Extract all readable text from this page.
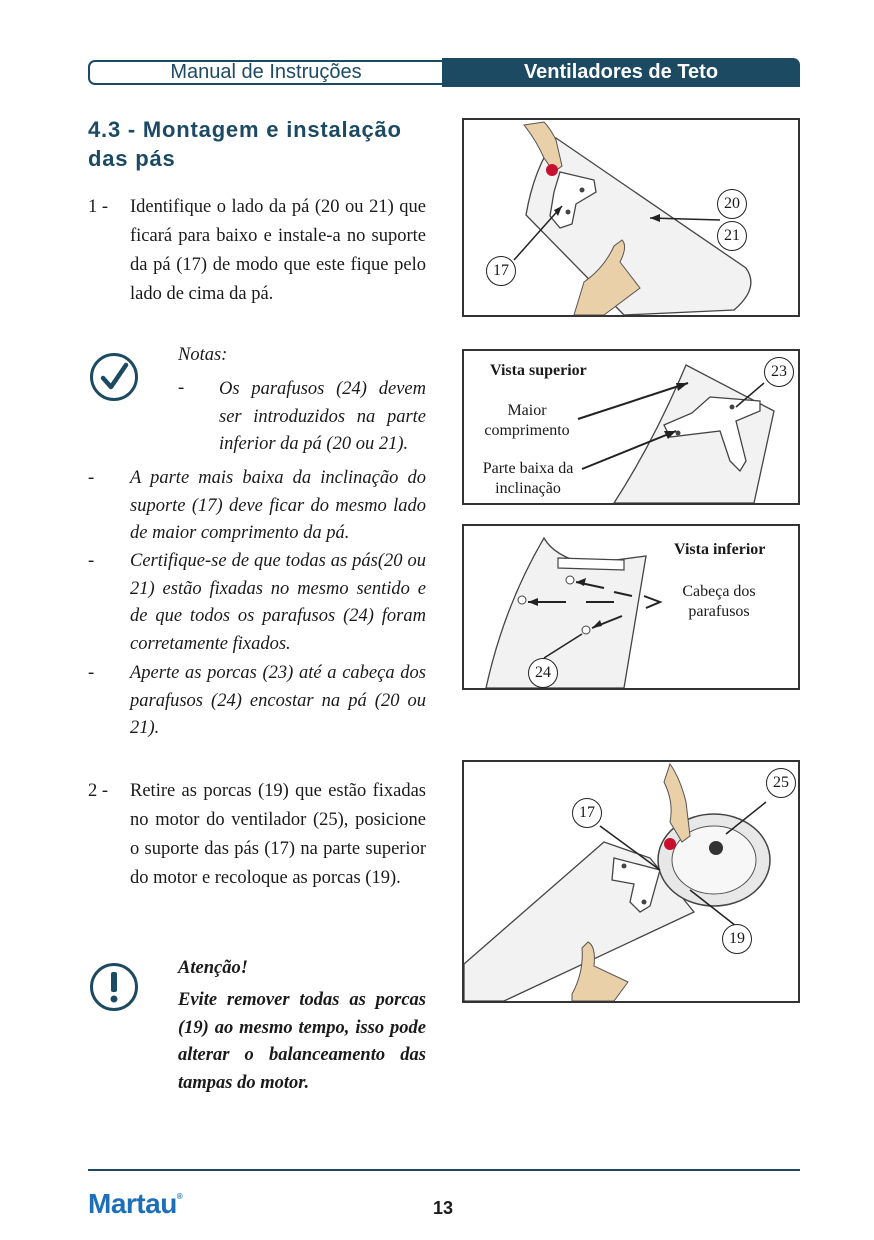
Manual de Instruções	Ventiladores de Teto
4.3 - Montagem e instalação das pás
1 - Identifique o lado da pá (20 ou 21) que ficará para baixo e instale-a no suporte da pá (17) de modo que este fique pelo lado de cima da pá.
Notas:
- Os parafusos (24) devem ser introduzidos na parte inferior da pá (20 ou 21).
- A parte mais baixa da inclinação do suporte (17) deve ficar do mesmo lado de maior comprimento da pá.
- Certifique-se de que todas as pás(20 ou 21) estão fixadas no mesmo sentido e de que todos os parafusos (24) foram corretamente fixados.
- Aperte as porcas (23) até a cabeça dos parafusos (24) encostar na pá (20 ou 21).
2 - Retire as porcas (19) que estão fixadas no motor do ventilador (25), posicione o suporte das pás (17) na parte superior do motor e recoloque as porcas (19).
Atenção!
Evite remover todas as porcas (19) ao mesmo tempo, isso pode alterar o balanceamento das tampas do motor.
20
21
17
Vista superior
Maior comprimento
Parte baixa da inclinação
23
Vista inferior
Cabeça dos parafusos
24
25
17
19
Martau®
13
